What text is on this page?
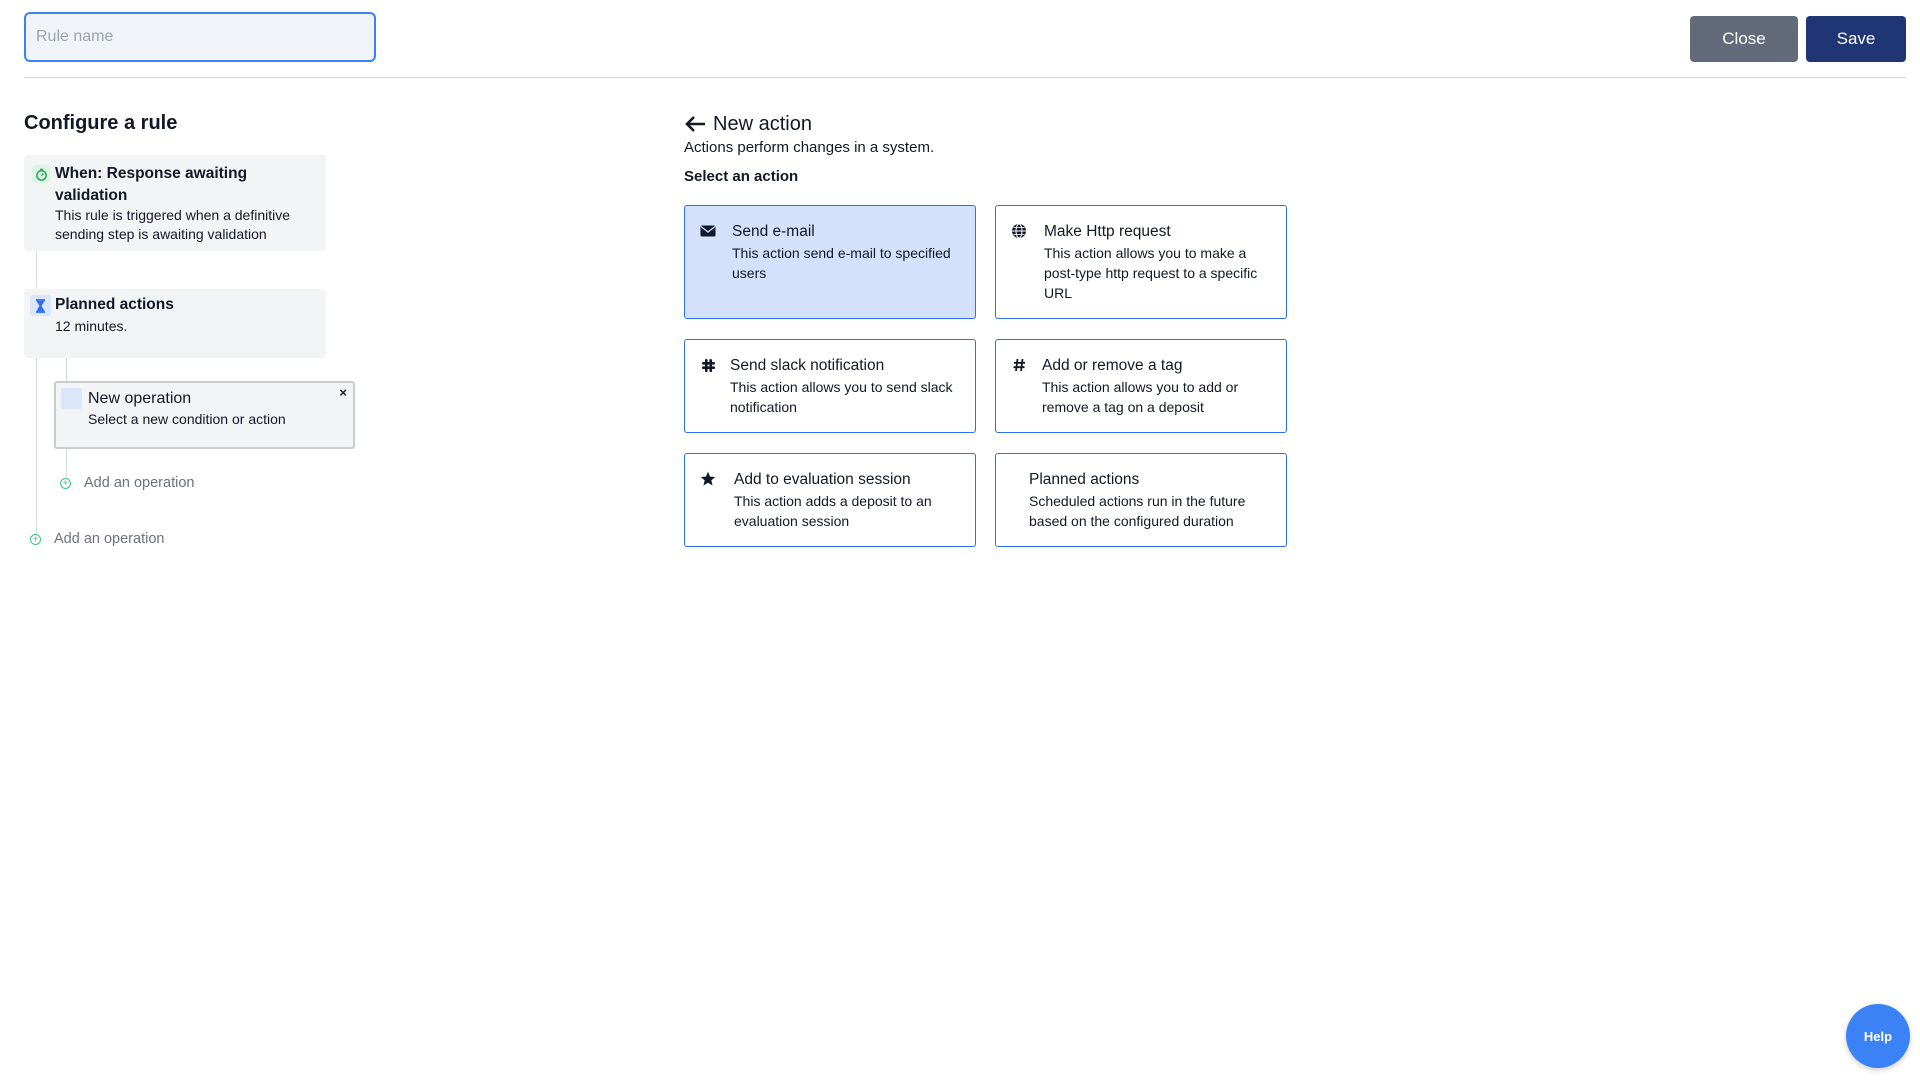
Rule name
Close	Save
Configure a rule
When: Response awaiting validation
This rule is triggered when a definitive sending step is awaiting validation
Planned actions
12 minutes.
New operation
Select a new condition or action
×
+ Add an operation
+ Add an operation
New action
Actions perform changes in a system.
Select an action
Send e-mail
This action send e-mail to specified users
Make Http request
This action allows you to make a post-type http request to a specific URL
Send slack notification
This action allows you to send slack notification
Add or remove a tag
This action allows you to add or remove a tag on a deposit
Add to evaluation session
This action adds a deposit to an evaluation session
Planned actions
Scheduled actions run in the future based on the configured duration
Help
